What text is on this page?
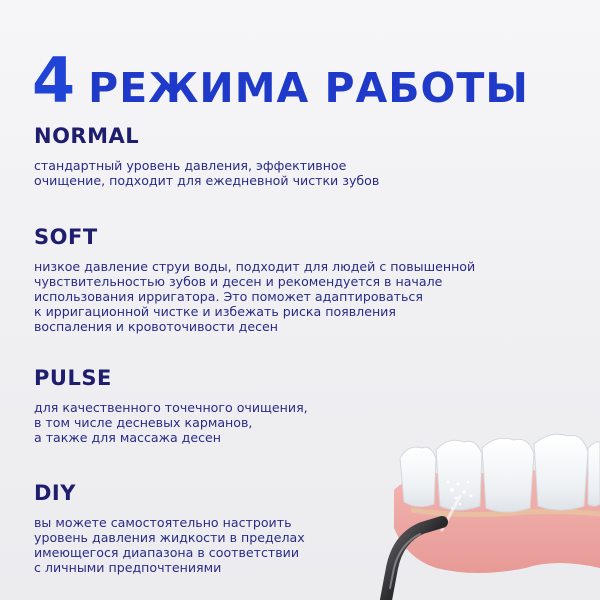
4 РЕЖИМА РАБОТЫ
NORMAL

стандартный уровень давления, эффективное
очищение, подходит для ежедневной чистки зубов

SOFT

низкое давление струи воды, подходит для людей с повышенной
чувствительностью зубов и десен и рекомендуется в начале
использования ирригатора. Это поможет адаптироваться
к ирригационной чистке и избежать риска появления
воспаления и кровоточивости десен

PULSE

для качественного точечного очищения,
в том числе десневых карманов,
а также для массажа десен

DIY

вы можете самостоятельно настроить
уровень давления жидкости в пределах
имеющегося диапазона в соответствии
с личными предпочтениями
